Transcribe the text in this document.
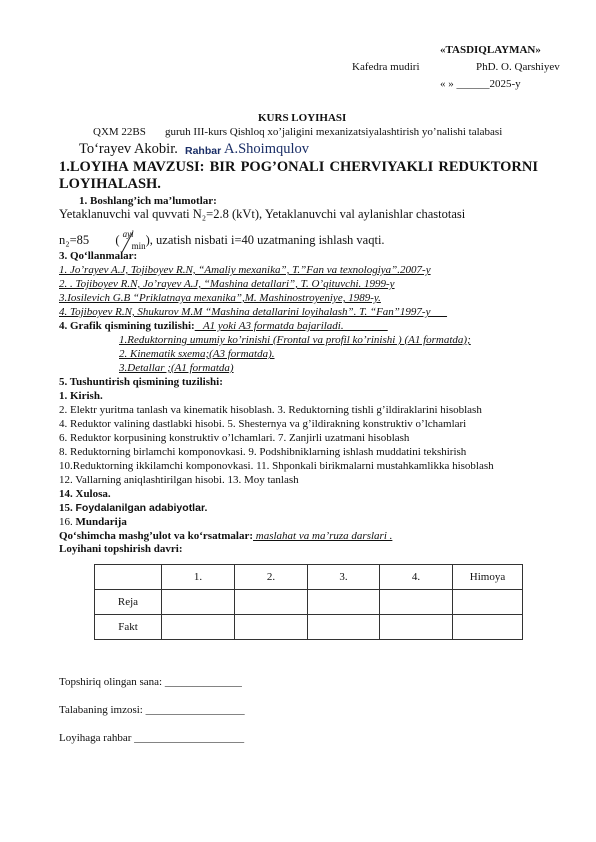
«TASDIQLAYMAN»
Kafedra mudiri	PhD. O. Qarshiyev
« » ______2025-y
KURS LOYIHASI
QXM 22BS guruh III-kurs Qishloq xo’jaligini mexanizatsiyalashtirish yo’nalishi talabasi
To‘rayev Akobir. Rahbar A.Shoimqulov
1.LOYIHA MAVZUSI: BIR POG’ONALI CHERVIYAKLI REDUKTORNI
LOYIHALASH.
1. Boshlang’ich ma’lumotlar:
Yetaklanuvchi val quvvati N₂=2.8 (kVt), Yetaklanuvchi val aylanishlar chastotasi
n₂=85 ( ayl
min ), uzatish nisbati i=40 uzatmaning ishlash vaqti.
3. Qo‘llanmalar:
1. Jo’rayev A.J, Tojiboyev R.N, “Amaliy mexanika”, T.”Fan va texnologiya”.2007-y
2. . Tojiboyev R.N, Jo’rayev A.J, “Mashina detallari”, T. O’qituvchi. 1999-y
3.Iosilevich G.B “Priklatnaya mexanika”,M. Mashinostroyeniye, 1989-y.
4. Tojiboyev R.N, Shukurov M.M “Mashina detallarini loyihalash”. T. “Fan”1997-y___
4. Grafik qismining tuzilishi: _A1 yoki A3 formatda bajariladi.________
1.Reduktorning umumiy ko’rinishi (Frontal va profil ko’rinishi ) (A1 formatda);
2. Kinematik sxema;(A3 formatda).
3.Detallar ;(A1 formatda)
5. Tushuntirish qismining tuzilishi:
1. Kirish.
2. Elektr yuritma tanlash va kinematik hisoblash. 3. Reduktorning tishli g’ildiraklarini hisoblash
4. Reduktor valining dastlabki hisobi. 5. Shesternya va g’ildirakning konstruktiv o’lchamlari
6. Reduktor korpusining konstruktiv o’lchamlari. 7. Zanjirli uzatmani hisoblash
8. Reduktorning birlamchi komponovkasi. 9. Podshibniklarning ishlash muddatini tekshirish
10.Reduktorning ikkilamchi komponovkasi. 11. Shponkali birikmalarni mustahkamlikka hisoblash
12. Vallarning aniqlashtirilgan hisobi. 13. Moy tanlash
14. Xulosa.
15. Foydalanilgan adabiyotlar.
16. Mundarija
Qo‘shimcha mashg’ulot va ko‘rsatmalar: maslahat va ma’ruza darslari .
Loyihani topshirish davri:
	1.	2.	3.	4.	Himoya
Reja					
Fakt					
Topshiriq olingan sana: ______________
Talabaning imzosi: __________________
Loyihaga rahbar ____________________
